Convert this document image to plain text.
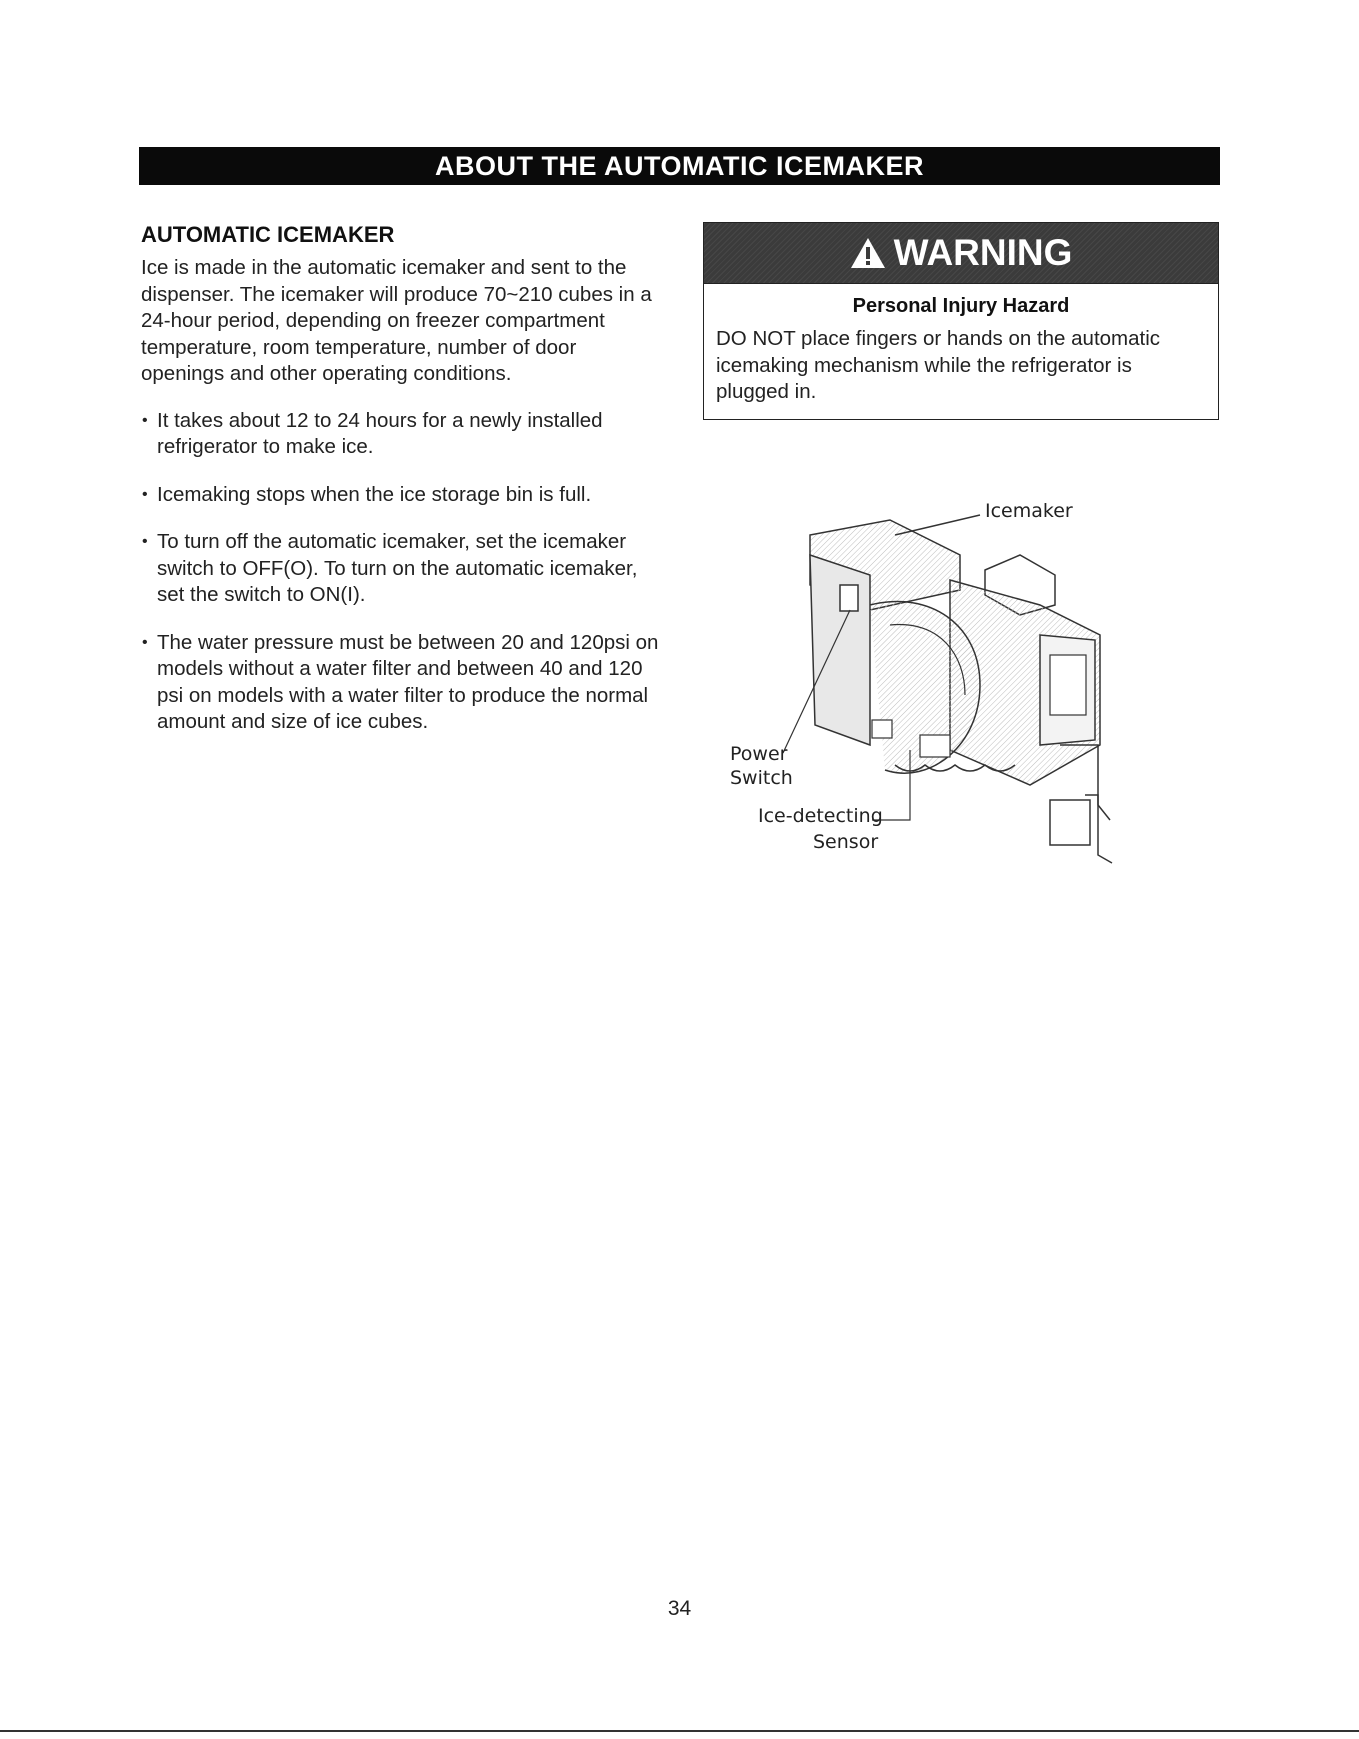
ABOUT THE AUTOMATIC ICEMAKER
AUTOMATIC ICEMAKER

Ice is made in the automatic icemaker and sent to the dispenser. The icemaker will produce 70~210 cubes in a 24-hour period, depending on freezer compartment temperature, room temperature, number of door openings and other operating conditions.

• It takes about 12 to 24 hours for a newly installed refrigerator to make ice.
• Icemaking stops when the ice storage bin is full.
• To turn off the automatic icemaker, set the icemaker switch to OFF(O). To turn on the automatic icemaker, set the switch to ON(I).
• The water pressure must be between 20 and 120psi on models without a water filter and between 40 and 120 psi on models with a water filter to produce the normal amount and size of ice cubes.
WARNING
Personal Injury Hazard

DO NOT place fingers or hands on the automatic icemaking mechanism while the refrigerator is plugged in.

Icemaker
Power
Switch
Ice-detecting
Sensor
34
